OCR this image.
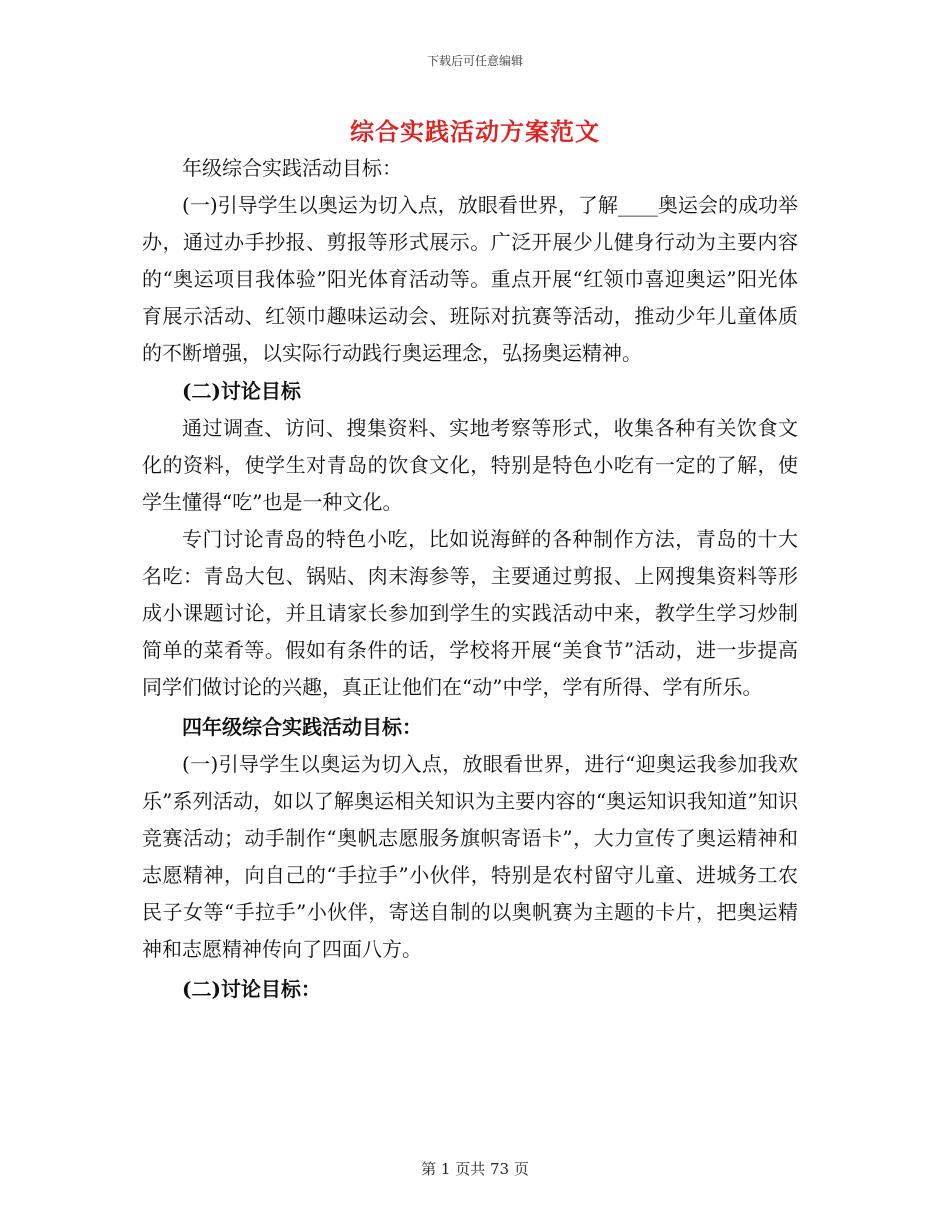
下载后可任意编辑
综合实践活动方案范文

年级综合实践活动目标：

(一)引导学生以奥运为切入点，放眼看世界，了解____奥运会的成功举办，通过办手抄报、剪报等形式展示。广泛开展少儿健身行动为主要内容的“奥运项目我体验”阳光体育活动等。重点开展“红领巾喜迎奥运”阳光体育展示活动、红领巾趣味运动会、班际对抗赛等活动，推动少年儿童体质的不断增强，以实际行动践行奥运理念，弘扬奥运精神。

(二)讨论目标

通过调查、访问、搜集资料、实地考察等形式，收集各种有关饮食文化的资料，使学生对青岛的饮食文化，特别是特色小吃有一定的了解，使学生懂得“吃”也是一种文化。

专门讨论青岛的特色小吃，比如说海鲜的各种制作方法，青岛的十大名吃：青岛大包、锅贴、肉末海参等，主要通过剪报、上网搜集资料等形成小课题讨论，并且请家长参加到学生的实践活动中来，教学生学习炒制简单的菜肴等。假如有条件的话，学校将开展“美食节”活动，进一步提高同学们做讨论的兴趣，真正让他们在“动”中学，学有所得、学有所乐。

四年级综合实践活动目标：

(一)引导学生以奥运为切入点，放眼看世界，进行“迎奥运我参加我欢乐”系列活动，如以了解奥运相关知识为主要内容的“奥运知识我知道”知识竞赛活动；动手制作“奥帆志愿服务旗帜寄语卡”，大力宣传了奥运精神和志愿精神，向自己的“手拉手”小伙伴，特别是农村留守儿童、进城务工农民子女等“手拉手”小伙伴，寄送自制的以奥帆赛为主题的卡片，把奥运精神和志愿精神传向了四面八方。

(二)讨论目标：

第 1 页共 73 页
